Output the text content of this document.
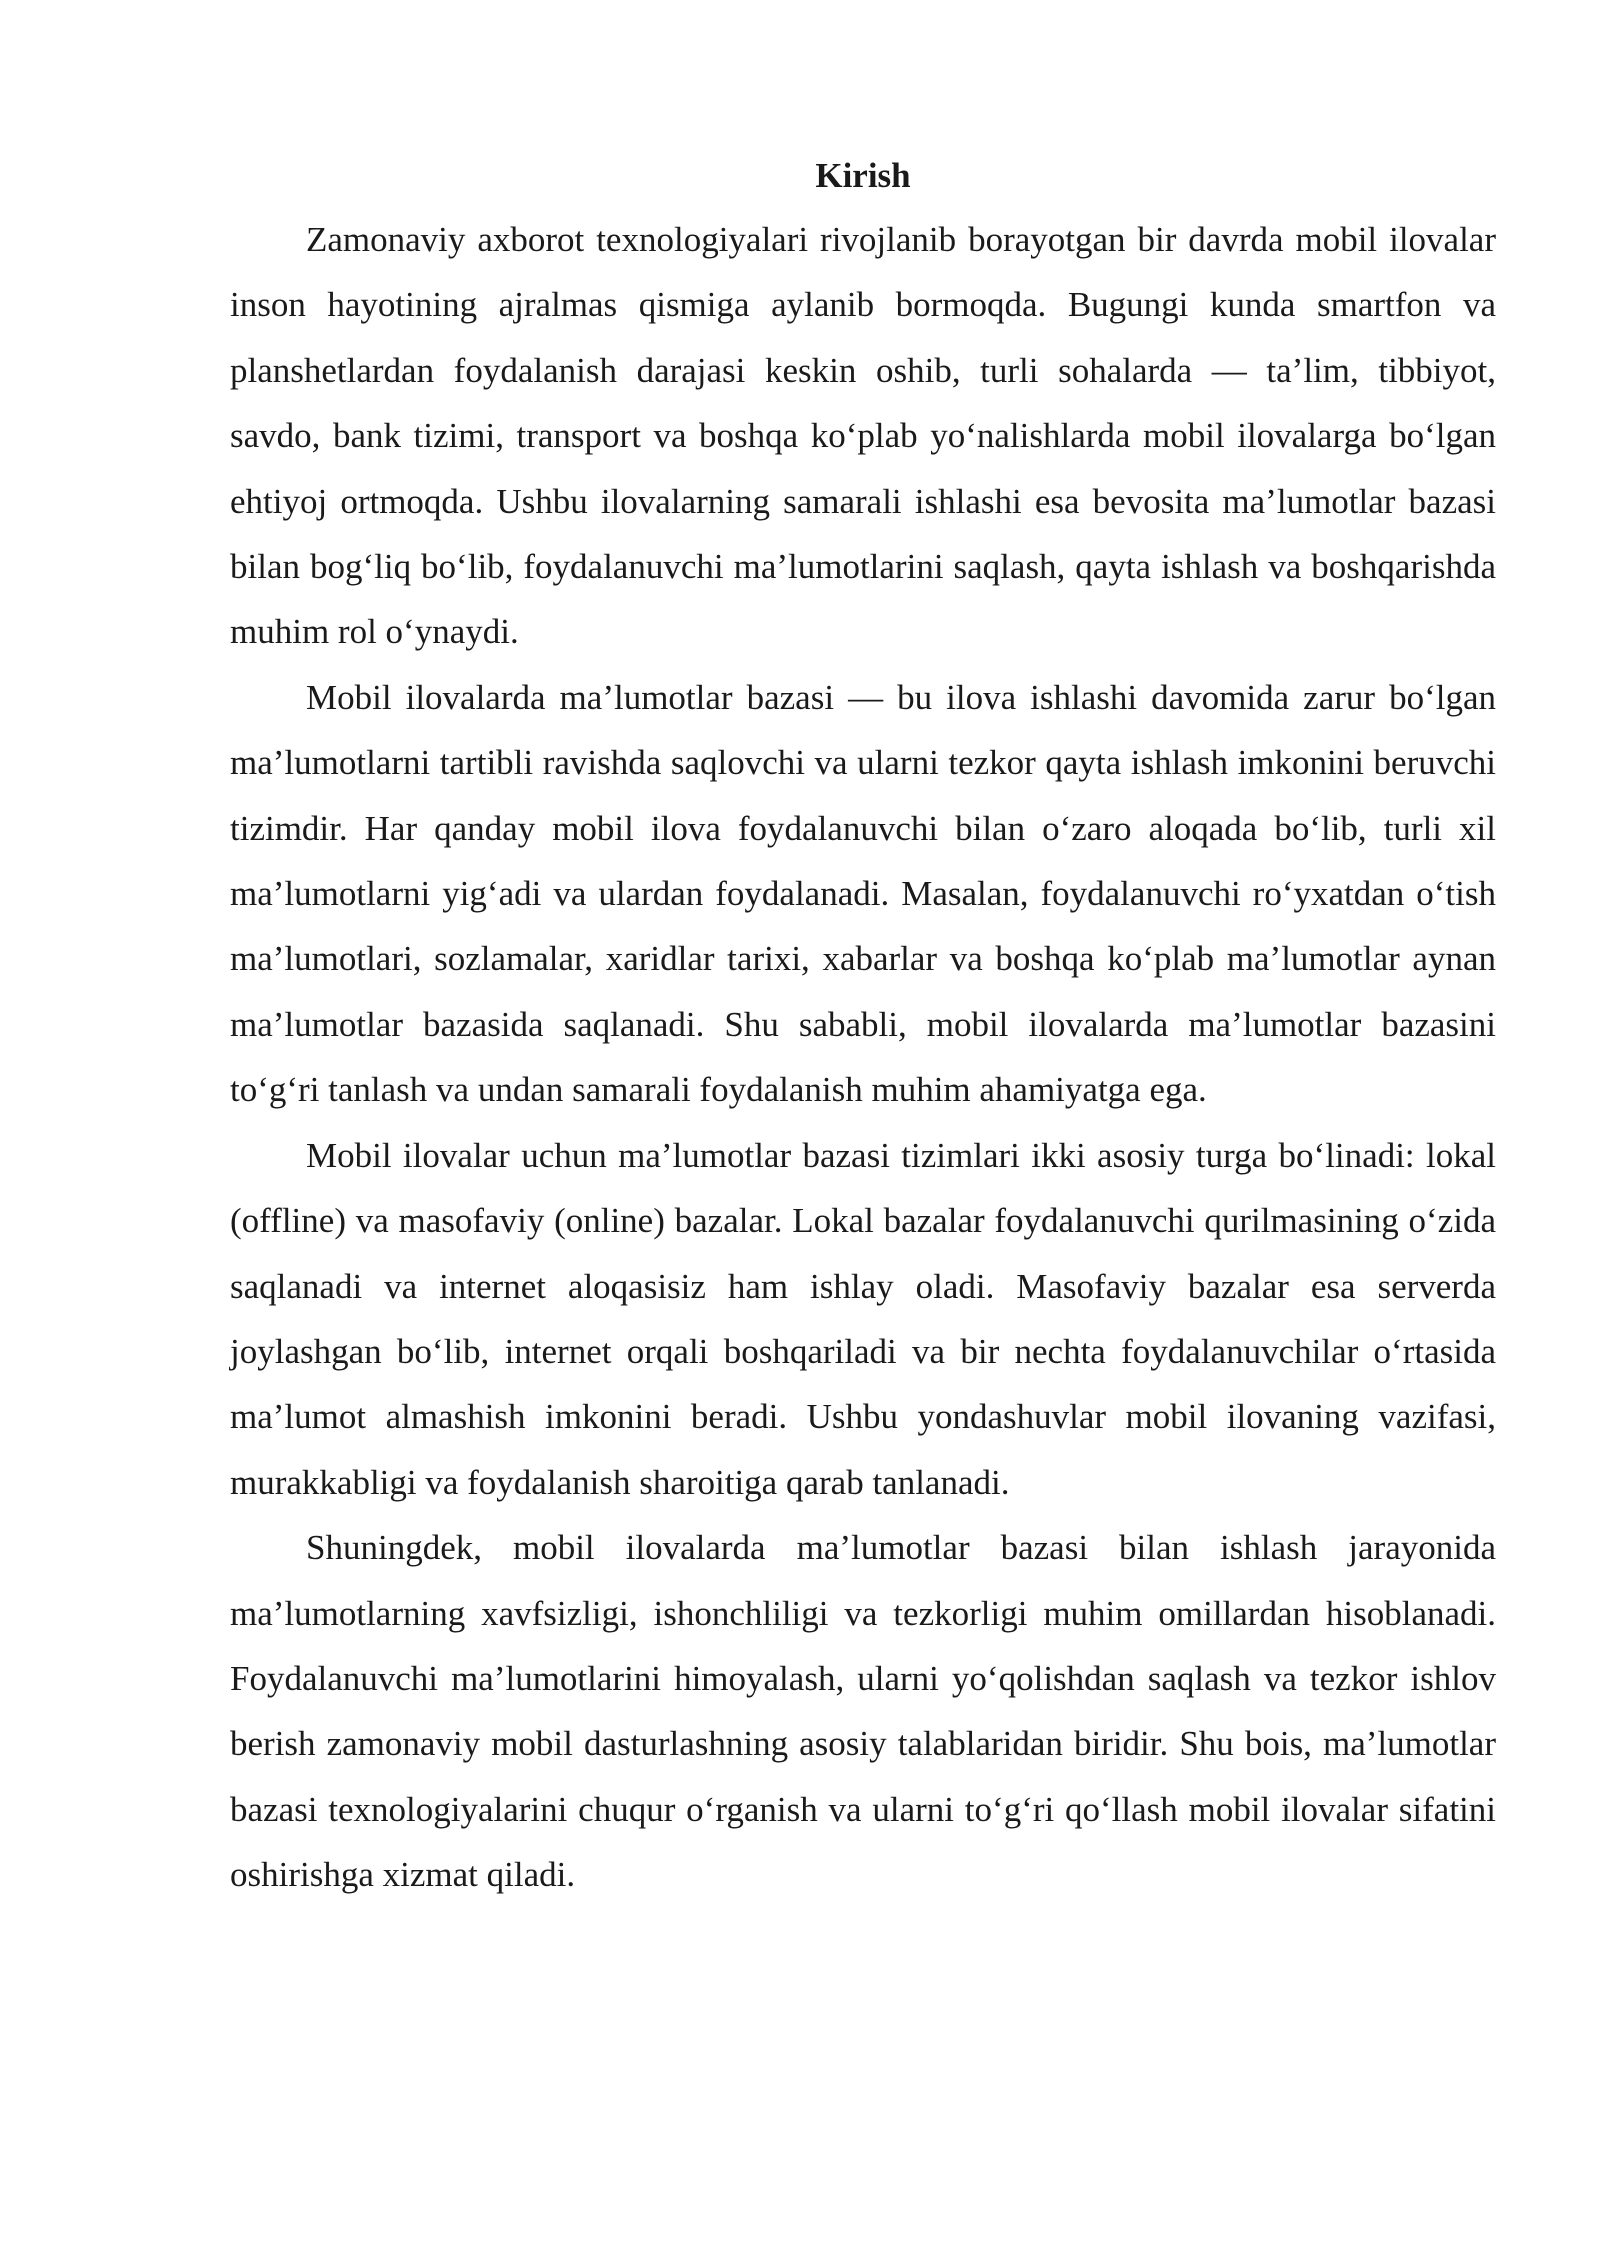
Kirish

Zamonaviy axborot texnologiyalari rivojlanib borayotgan bir davrda mobil ilovalar inson hayotining ajralmas qismiga aylanib bormoqda. Bugungi kunda smartfon va planshetlardan foydalanish darajasi keskin oshib, turli sohalarda — ta’lim, tibbiyot, savdo, bank tizimi, transport va boshqa ko‘plab yo‘nalishlarda mobil ilovalarga bo‘lgan ehtiyoj ortmoqda. Ushbu ilovalarning samarali ishlashi esa bevosita ma’lumotlar bazasi bilan bog‘liq bo‘lib, foydalanuvchi ma’lumotlarini saqlash, qayta ishlash va boshqarishda muhim rol o‘ynaydi.

Mobil ilovalarda ma’lumotlar bazasi — bu ilova ishlashi davomida zarur bo‘lgan ma’lumotlarni tartibli ravishda saqlovchi va ularni tezkor qayta ishlash imkonini beruvchi tizimdir. Har qanday mobil ilova foydalanuvchi bilan o‘zaro aloqada bo‘lib, turli xil ma’lumotlarni yig‘adi va ulardan foydalanadi. Masalan, foydalanuvchi ro‘yxatdan o‘tish ma’lumotlari, sozlamalar, xaridlar tarixi, xabarlar va boshqa ko‘plab ma’lumotlar aynan ma’lumotlar bazasida saqlanadi. Shu sababli, mobil ilovalarda ma’lumotlar bazasini to‘g‘ri tanlash va undan samarali foydalanish muhim ahamiyatga ega.

Mobil ilovalar uchun ma’lumotlar bazasi tizimlari ikki asosiy turga bo‘linadi: lokal (offline) va masofaviy (online) bazalar. Lokal bazalar foydalanuvchi qurilmasining o‘zida saqlanadi va internet aloqasisiz ham ishlay oladi. Masofaviy bazalar esa serverda joylashgan bo‘lib, internet orqali boshqariladi va bir nechta foydalanuvchilar o‘rtasida ma’lumot almashish imkonini beradi. Ushbu yondashuvlar mobil ilovaning vazifasi, murakkabligi va foydalanish sharoitiga qarab tanlanadi.

Shuningdek, mobil ilovalarda ma’lumotlar bazasi bilan ishlash jarayonida ma’lumotlarning xavfsizligi, ishonchliligi va tezkorligi muhim omillardan hisoblanadi. Foydalanuvchi ma’lumotlarini himoyalash, ularni yo‘qolishdan saqlash va tezkor ishlov berish zamonaviy mobil dasturlashning asosiy talablaridan biridir. Shu bois, ma’lumotlar bazasi texnologiyalarini chuqur o‘rganish va ularni to‘g‘ri qo‘llash mobil ilovalar sifatini oshirishga xizmat qiladi.
